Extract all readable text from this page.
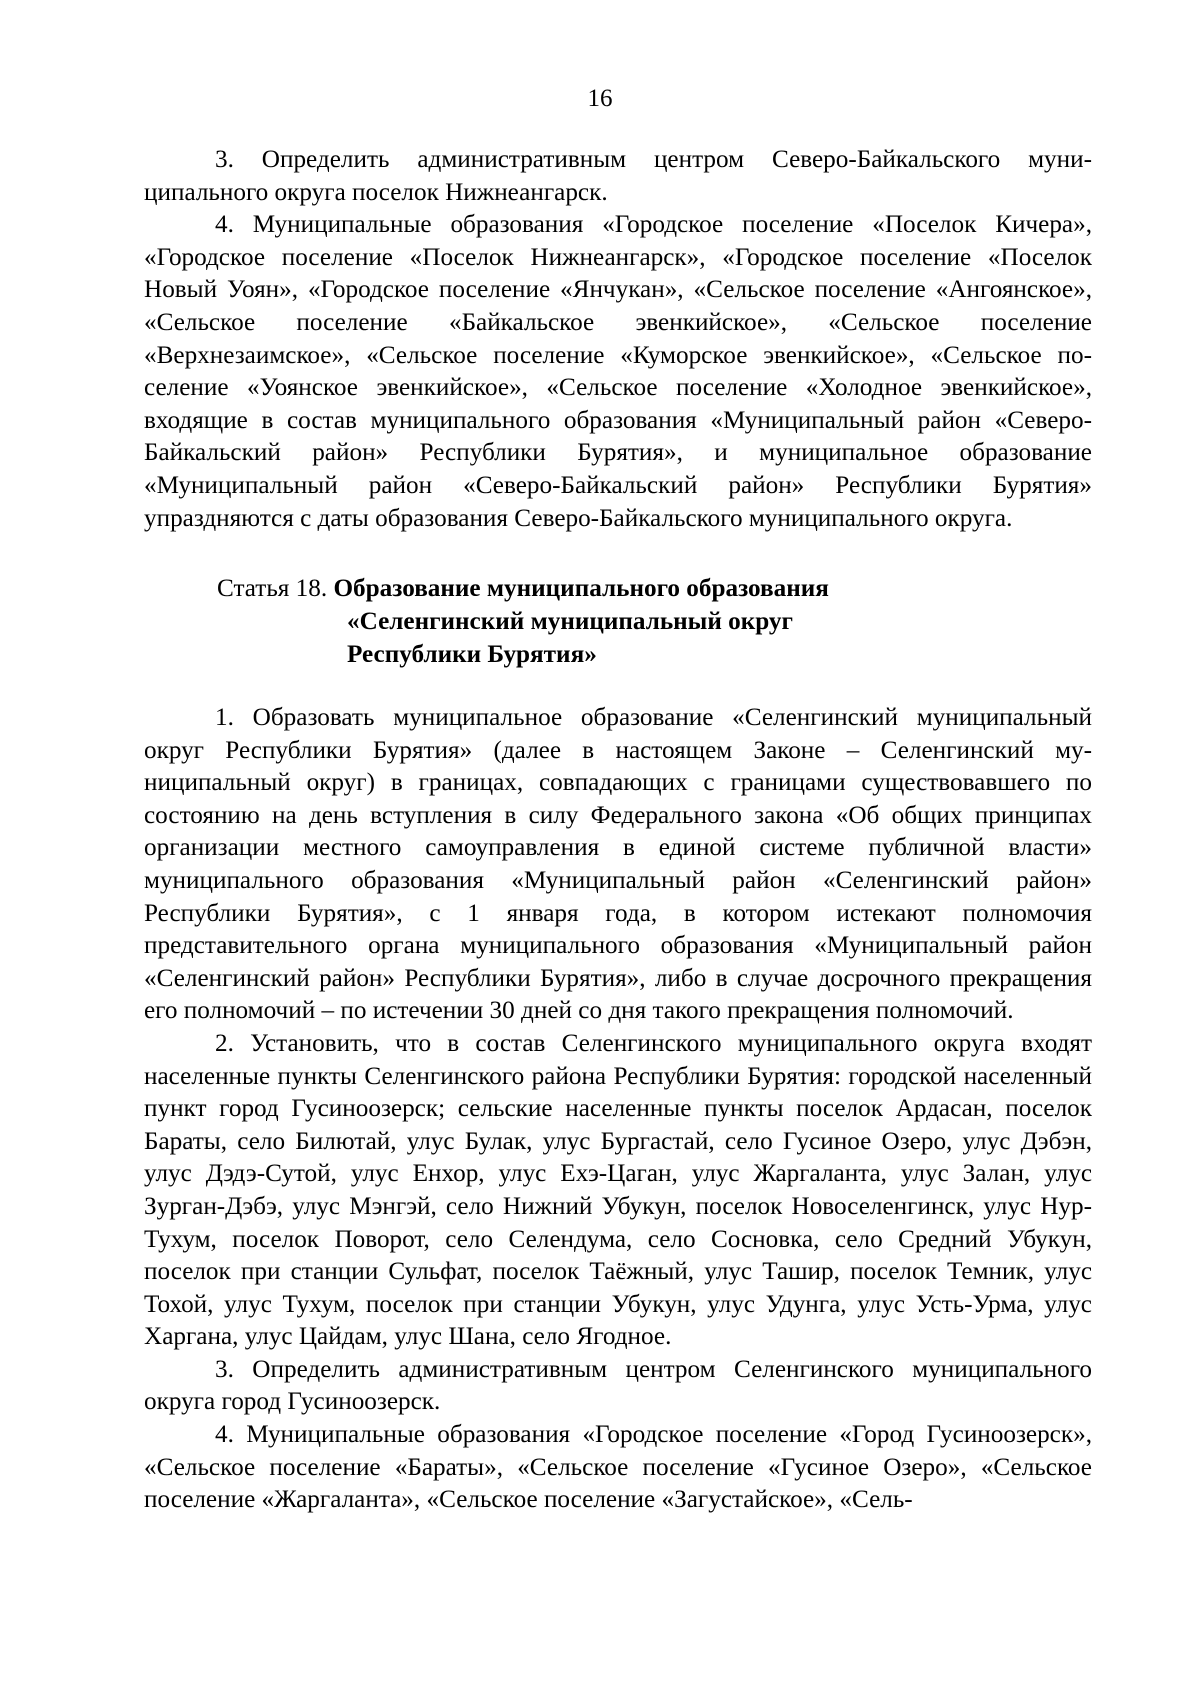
16

3. Определить административным центром Северо-Байкальского муниципального округа поселок Нижнеангарск.

4. Муниципальные образования «Городское поселение «Поселок Кичера», «Городское поселение «Поселок Нижнеангарск», «Городское поселение «Поселок Новый Уоян», «Городское поселение «Янчукан», «Сельское поселение «Ангоянское», «Сельское поселение «Байкальское эвенкийское», «Сельское поселение «Верхнезаимское», «Сельское поселение «Куморское эвенкийское», «Сельское поселение «Уоянское эвенкийское», «Сельское поселение «Холодное эвенкийское», входящие в состав муниципального образования «Муниципальный район «Северо-Байкальский район» Республики Бурятия», и муниципальное образование «Муниципальный район «Северо-Байкальский район» Республики Бурятия» упраздняются с даты образования Северо-Байкальского муниципального округа.

Статья 18. Образование муниципального образования
«Селенгинский муниципальный округ
Республики Бурятия»

1. Образовать муниципальное образование «Селенгинский муниципальный округ Республики Бурятия» (далее в настоящем Законе – Селенгинский муниципальный округ) в границах, совпадающих с границами существовавшего по состоянию на день вступления в силу Федерального закона «Об общих принципах организации местного самоуправления в единой системе публичной власти» муниципального образования «Муниципальный район «Селенгинский район» Республики Бурятия», с 1 января года, в котором истекают полномочия представительного органа муниципального образования «Муниципальный район «Селенгинский район» Республики Бурятия», либо в случае досрочного прекращения его полномочий – по истечении 30 дней со дня такого прекращения полномочий.

2. Установить, что в состав Селенгинского муниципального округа входят населенные пункты Селенгинского района Республики Бурятия: городской населенный пункт город Гусиноозерск; сельские населенные пункты поселок Ардасан, поселок Бараты, село Билютай, улус Булак, улус Бургастай, село Гусиное Озеро, улус Дэбэн, улус Дэдэ-Сутой, улус Енхор, улус Ехэ-Цаган, улус Жаргаланта, улус Залан, улус Зурган-Дэбэ, улус Мэнгэй, село Нижний Убукун, поселок Новоселенгинск, улус Нур-Тухум, поселок Поворот, село Селендума, село Сосновка, село Средний Убукун, поселок при станции Сульфат, поселок Таёжный, улус Ташир, поселок Темник, улус Тохой, улус Тухум, поселок при станции Убукун, улус Удунга, улус Усть-Урма, улус Харгана, улус Цайдам, улус Шана, село Ягодное.

3. Определить административным центром Селенгинского муниципального округа город Гусиноозерск.

4. Муниципальные образования «Городское поселение «Город Гусиноозерск», «Сельское поселение «Бараты», «Сельское поселение «Гусиное Озеро», «Сельское поселение «Жаргаланта», «Сельское поселение «Загустайское», «Сель-
